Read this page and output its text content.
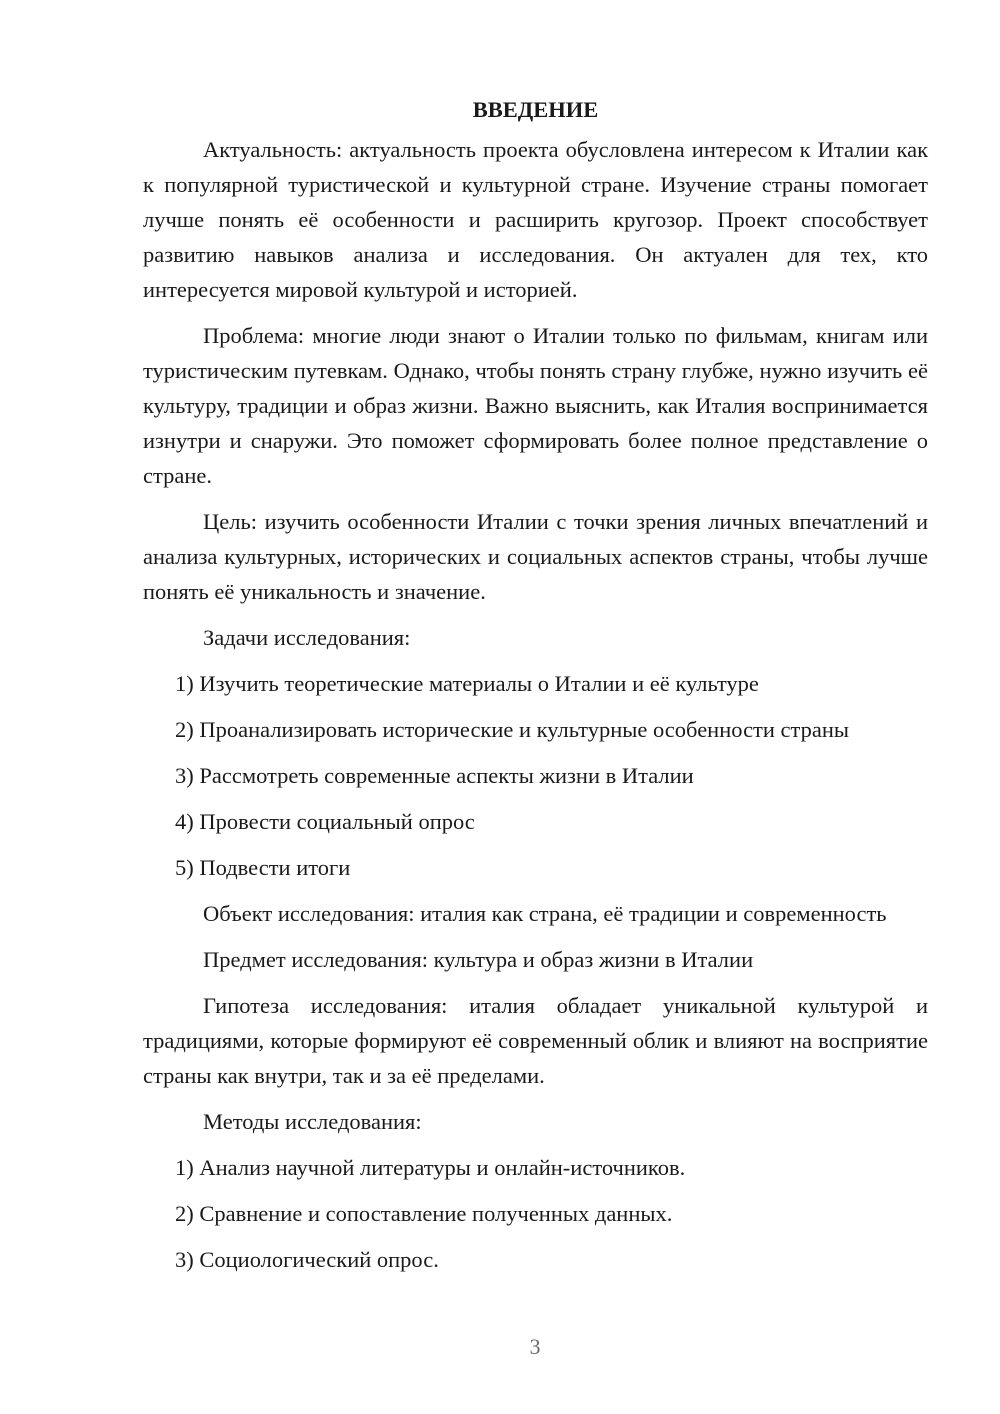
ВВЕДЕНИЕ

Актуальность: актуальность проекта обусловлена интересом к Италии как к популярной туристической и культурной стране. Изучение страны помогает лучше понять её особенности и расширить кругозор. Проект способствует развитию навыков анализа и исследования. Он актуален для тех, кто интересуется мировой культурой и историей.

Проблема: многие люди знают о Италии только по фильмам, книгам или туристическим путевкам. Однако, чтобы понять страну глубже, нужно изучить её культуру, традиции и образ жизни. Важно выяснить, как Италия воспринимается изнутри и снаружи. Это поможет сформировать более полное представление о стране.

Цель: изучить особенности Италии с точки зрения личных впечатлений и анализа культурных, исторических и социальных аспектов страны, чтобы лучше понять её уникальность и значение.

Задачи исследования:

1) Изучить теоретические материалы о Италии и её культуре
2) Проанализировать исторические и культурные особенности страны
3) Рассмотреть современные аспекты жизни в Италии
4) Провести социальный опрос
5) Подвести итоги

Объект исследования: италия как страна, её традиции и современность

Предмет исследования: культура и образ жизни в Италии

Гипотеза исследования: италия обладает уникальной культурой и традициями, которые формируют её современный облик и влияют на восприятие страны как внутри, так и за её пределами.

Методы исследования:

1) Анализ научной литературы и онлайн-источников.
2) Сравнение и сопоставление полученных данных.
3) Социологический опрос.
3
